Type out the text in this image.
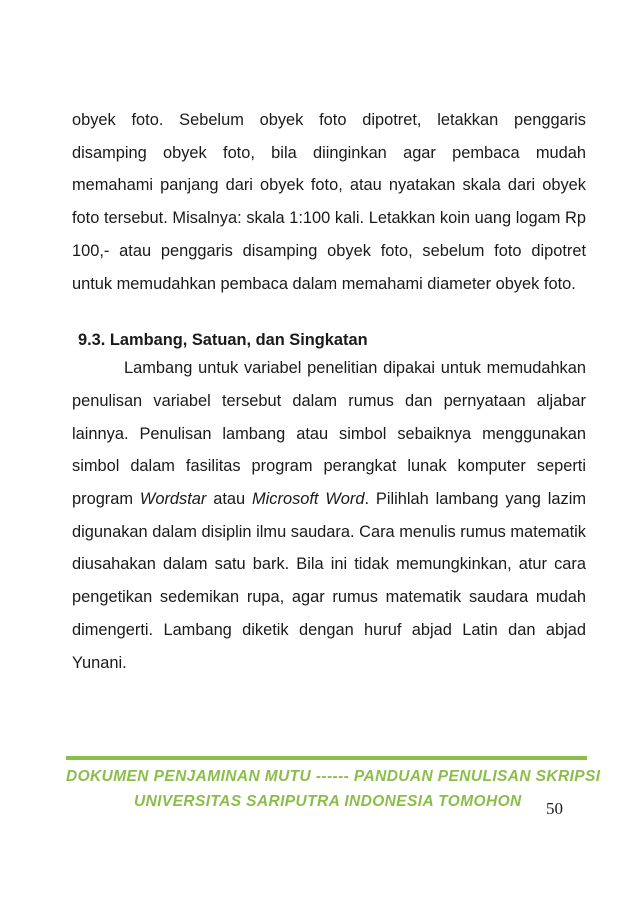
obyek foto. Sebelum obyek foto dipotret, letakkan penggaris disamping obyek foto, bila diinginkan agar pembaca mudah memahami panjang dari obyek foto, atau nyatakan skala dari obyek foto tersebut. Misalnya: skala 1:100 kali. Letakkan koin uang logam Rp 100,- atau penggaris disamping obyek foto, sebelum foto dipotret untuk memudahkan pembaca dalam memahami diameter obyek foto.

9.3. Lambang, Satuan, dan Singkatan

Lambang untuk variabel penelitian dipakai untuk memudahkan penulisan variabel tersebut dalam rumus dan pernyataan aljabar lainnya. Penulisan lambang atau simbol sebaiknya menggunakan simbol dalam fasilitas program perangkat lunak komputer seperti program Wordstar atau Microsoft Word. Pilihlah lambang yang lazim digunakan dalam disiplin ilmu saudara. Cara menulis rumus matematik diusahakan dalam satu bark. Bila ini tidak memungkinkan, atur cara pengetikan sedemikan rupa, agar rumus matematik saudara mudah dimengerti. Lambang diketik dengan huruf abjad Latin dan abjad Yunani.

DOKUMEN PENJAMINAN MUTU ------ PANDUAN PENULISAN SKRIPSI
UNIVERSITAS SARIPUTRA INDONESIA TOMOHON 50
